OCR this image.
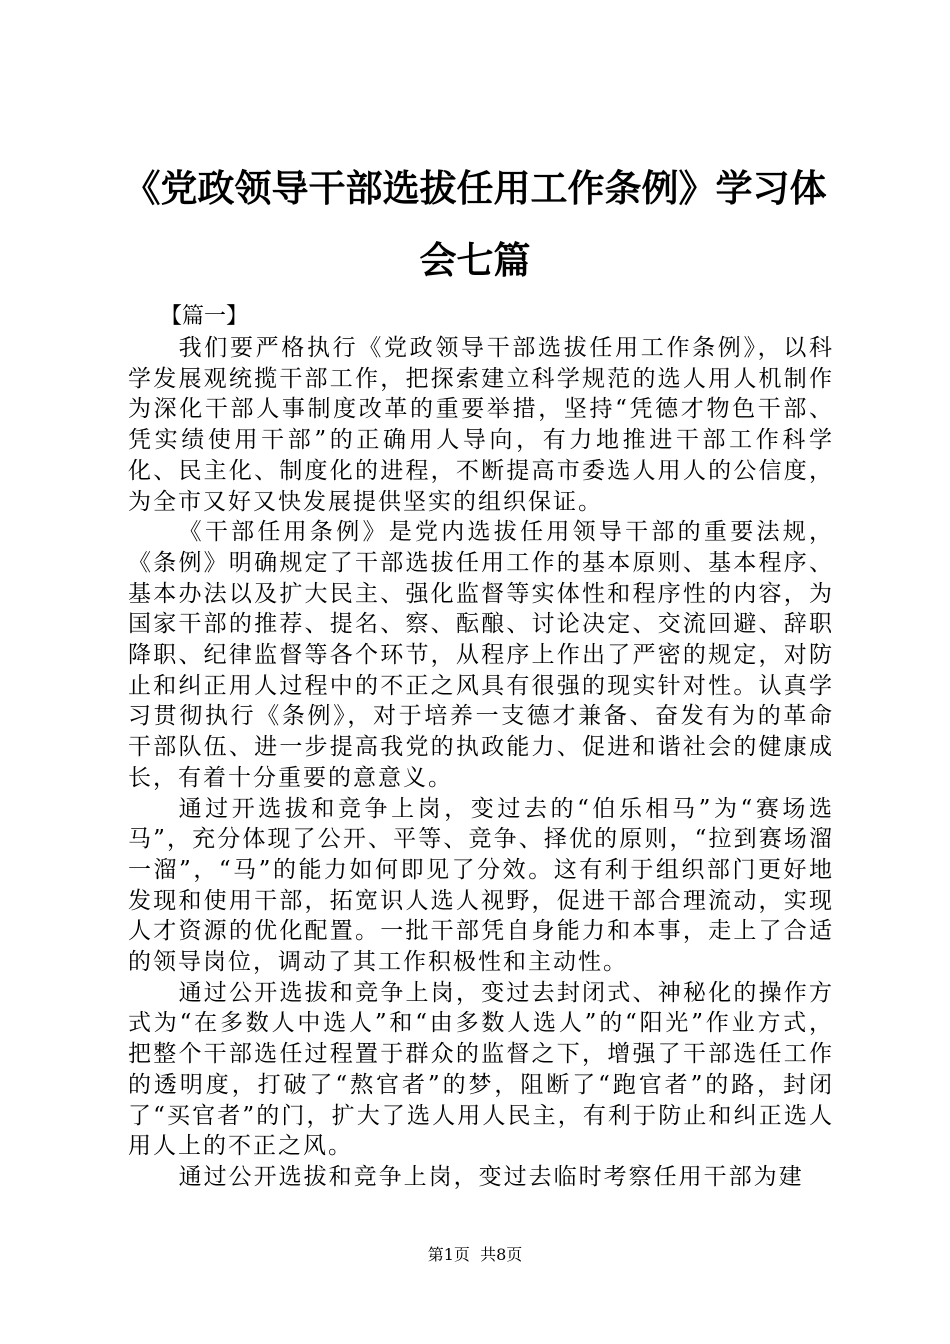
《党政领导干部选拔任用工作条例》学习体会七篇

【篇一】

我们要严格执行《党政领导干部选拔任用工作条例》，以科学发展观统揽干部工作，把探索建立科学规范的选人用人机制作为深化干部人事制度改革的重要举措，坚持“凭德才物色干部、凭实绩使用干部”的正确用人导向，有力地推进干部工作科学化、民主化、制度化的进程，不断提高市委选人用人的公信度，为全市又好又快发展提供坚实的组织保证。

《干部任用条例》是党内选拔任用领导干部的重要法规，《条例》明确规定了干部选拔任用工作的基本原则、基本程序、基本办法以及扩大民主、强化监督等实体性和程序性的内容，为国家干部的推荐、提名、察、酝酿、讨论决定、交流回避、辞职降职、纪律监督等各个环节，从程序上作出了严密的规定，对防止和纠正用人过程中的不正之风具有很强的现实针对性。认真学习贯彻执行《条例》，对于培养一支德才兼备、奋发有为的革命干部队伍、进一步提高我党的执政能力、促进和谐社会的健康成长，有着十分重要的意意义。

通过开选拔和竞争上岗，变过去的“伯乐相马”为“赛场选马”，充分体现了公开、平等、竞争、择优的原则，“拉到赛场溜一溜”，“马”的能力如何即见了分效。这有利于组织部门更好地发现和使用干部，拓宽识人选人视野，促进干部合理流动，实现人才资源的优化配置。一批干部凭自身能力和本事，走上了合适的领导岗位，调动了其工作积极性和主动性。

通过公开选拔和竞争上岗，变过去封闭式、神秘化的操作方式为“在多数人中选人”和“由多数人选人”的“阳光”作业方式，把整个干部选任过程置于群众的监督之下，增强了干部选任工作的透明度，打破了“熬官者”的梦，阻断了“跑官者”的路，封闭了“买官者”的门，扩大了选人用人民主，有利于防止和纠正选人用人上的不正之风。

通过公开选拔和竞争上岗，变过去临时考察任用干部为建

第1页  共8页
